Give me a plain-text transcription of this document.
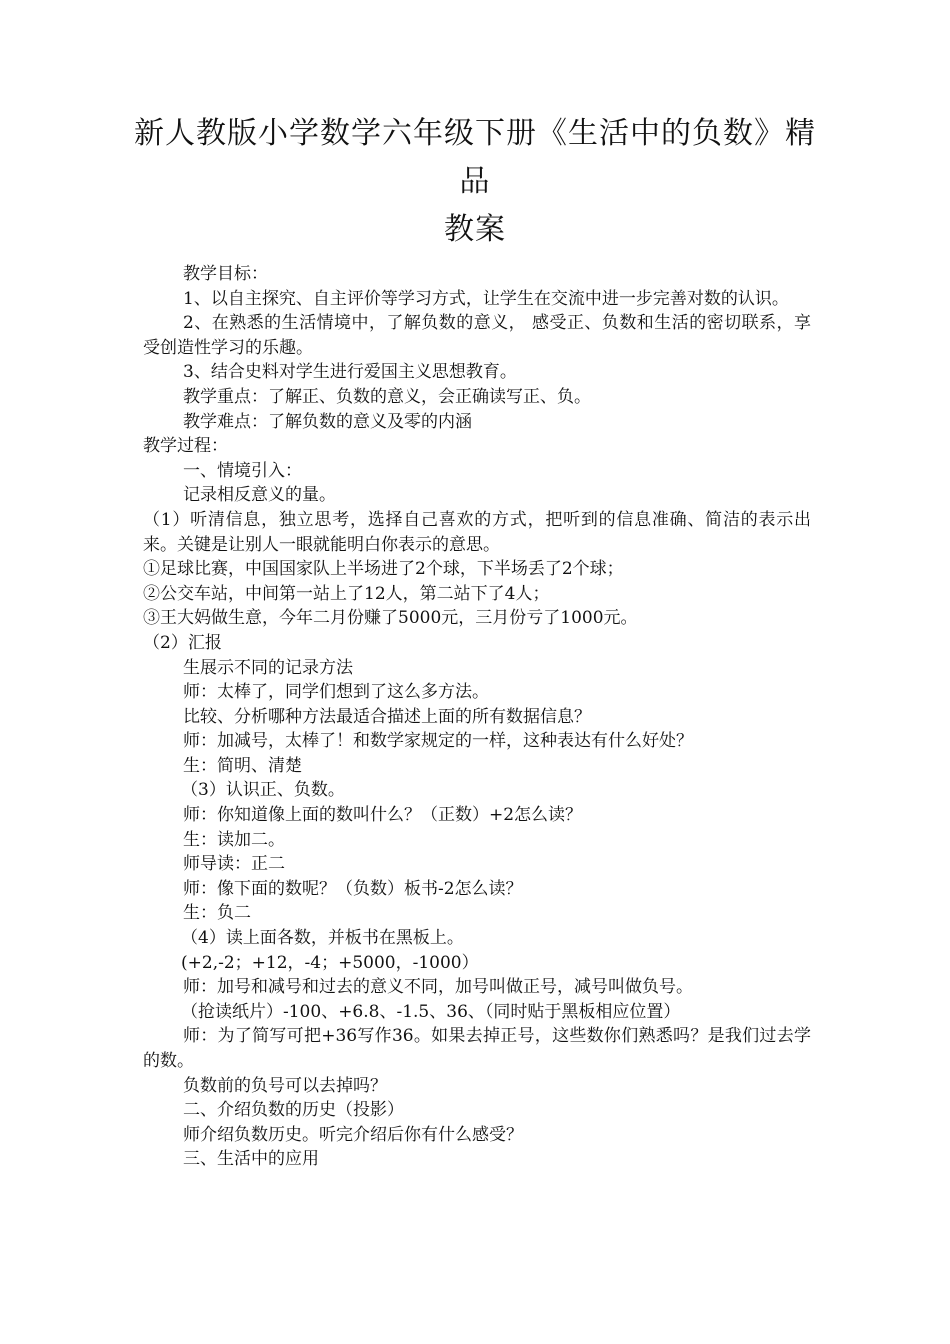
新人教版小学数学六年级下册《生活中的负数》精品
教案

教学目标：

1、以自主探究、自主评价等学习方式，让学生在交流中进一步完善对数的认识。

2、在熟悉的生活情境中，了解负数的意义， 感受正、负数和生活的密切联系，享受创造性学习的乐趣。

3、结合史料对学生进行爱国主义思想教育。

教学重点：了解正、负数的意义，会正确读写正、负。

教学难点：了解负数的意义及零的内涵

教学过程：

一、情境引入：

记录相反意义的量。

（1）听清信息，独立思考，选择自己喜欢的方式，把听到的信息准确、简洁的表示出来。关键是让别人一眼就能明白你表示的意思。

①足球比赛，中国国家队上半场进了2个球，下半场丢了2个球；

②公交车站，中间第一站上了12人，第二站下了4人；

③王大妈做生意，今年二月份赚了5000元，三月份亏了1000元。

（2）汇报

生展示不同的记录方法

师：太棒了，同学们想到了这么多方法。

比较、分析哪种方法最适合描述上面的所有数据信息？

师：加减号，太棒了！和数学家规定的一样，这种表达有什么好处？

生：简明、清楚

（3）认识正、负数。

师：你知道像上面的数叫什么？（正数）+2怎么读？

生：读加二。

师导读：正二

师：像下面的数呢？（负数）板书-2怎么读？

生：负二

（4）读上面各数，并板书在黑板上。

(+2,-2；+12，-4；+5000，-1000）

师：加号和减号和过去的意义不同，加号叫做正号，减号叫做负号。

（抢读纸片）-100、+6.8、-1.5、36、（同时贴于黑板相应位置）

师：为了简写可把+36写作36。如果去掉正号，这些数你们熟悉吗？是我们过去学的数。

负数前的负号可以去掉吗？

二、介绍负数的历史（投影）

师介绍负数历史。听完介绍后你有什么感受？

三、生活中的应用
